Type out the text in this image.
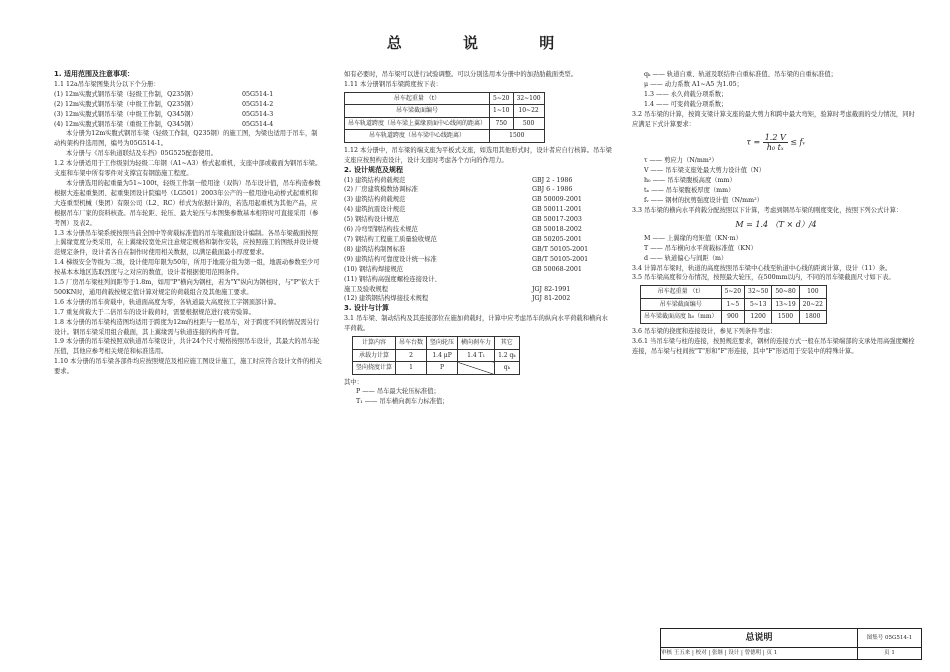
总 说 明

1. 适用范围及注意事项：

1.1 12a吊车梁图集共分以下个分册：

(1) 12m实腹式钢吊车梁（轻级工作制，Q235钢）	05G514-1
(2) 12m实腹式钢吊车梁（中级工作制，Q235钢）	05G514-2
(3) 12m实腹式钢吊车梁（中级工作制，Q345钢）	05G514-3
(4) 12m实腹式钢吊车梁（重级工作制，Q345钢）	05G514-4

本分册为12m实腹式钢吊车梁（轻级工作制，Q235钢）的施工图，为梁也适用于吊车，制动构架构件选用图，编号为05G514-1。

本分册与《吊车轨道联结及车挡》05G525配套使用。

1.2 本分册适用于工作级别为轻级二年钢（A1~A3）桥式起重机，支座中部或截面为钢吊车梁。支座和车架中所有零件对支撑宜有钢筋施工程度。

本分册选用的起重量为51~100t，轻级工作制一般用途（双钩）吊车设计值，吊车构造参数根据大连起重集团、起重集团设计院编号（LG501）2003年公产的一般用途电动桥式起重机和大连重型机械（集团）有限公司（L2、RC）样式为依据计算的，若选用起重机为其他产品，应根据吊车厂家的资料核查。吊车轮距、轮压、最大轮压与本图集参数基本相符时可直接采用（参考图）及表2。

1.3 本分册吊车梁系统按照当前全国中等荷载标准值的吊车梁截面设计编制。各吊车梁截面按照上翼缘宽度分类采用，在上翼缘较宽处应注意规定规格和制作安装，应按照施工的图纸并设计规范规定条件，设计者各自在制作时使用相关数据，以满足截面最小厚度要求。

1.4 梯级安全等级为二级，设计使用年限为50年，所用于地震分组为第一组，地震动参数至少可按基本本地区选取烈度与之对应的数值，设计者根据使用范围条件。

1.5 厂房吊车梁柱列间距等于1.8m，如用"P"横向为钢柱，若为"Y"纵向为钢柱时，与"P"依大于500KN时，通用荷载按规定值计算对规定的荷载组合及其他施工要求。

1.6 本分册的吊车荷载中，轨道面高度为零，各轨道最大高度按工字钢顶部计算。

1.7 重复荷载大于二倍吊车的设计载荷时，需要根据规范进行疲劳验算。

1.8 本分册的吊车梁构造图均适用于跨度为12m的柱距与一般吊车，对于跨度不同的情况需另行设计。钢吊车梁采用组合截面，其上翼缘需与轨道连接的构件可靠。

1.9 本分册的吊车梁按照双轨道吊车梁设计，共计24个尺寸规格按照吊车设计，其最大的吊车轮压值，其他应参考相关规范和标准选用。

1.10 本分册的吊车梁各部件均应按照规范及相应施工图设计施工，施工时应符合设计文件的相关要求。

如有必要时，吊车梁可以进行试验调整。可以分别选用本分册中的加劲肋截面类型。

1.11 本分册钢吊车梁跨度按下表：

吊车起重量 （t）	5~20	32~100
吊车梁截面编号	1~10	10~22
吊车轨道跨度（吊车梁上翼缘顶面中心线间的距离）	750	500
吊车轨道跨度（吊车梁中心线距离）	1500	

1.12 本分册中，吊车梁的端支座为平板式支座，如选用其他形式时，设计者应自行核算。吊车梁支座应按照构造设计，设计支座时考虑各个方向的作用力。

2. 设计规范及规程

(1) 建筑结构荷载规范	GBJ 2 - 1986
(2) 厂房建筑模数协调标准	GBJ 6 - 1986
(3) 建筑结构荷载规范	GB 50009-2001
(4) 建筑抗震设计规范	GB 50011-2001
(5) 钢结构设计规范	GB 50017-2003
(6) 冷弯型钢结构技术规范	GB 50018-2002
(7) 钢结构工程施工质量验收规范	GB 50205-2001
(8) 建筑结构制图标准	GB/T 50105-2001
(9) 建筑结构可靠度设计统一标准	GB/T 50105-2001
(10) 钢结构焊接规范	GB 50068-2001
(11) 钢结构高强度螺栓连接设计、
施工及验收规程	JGJ 82-1991
(12) 建筑钢结构焊接技术规程	JGJ 81-2002

3. 设计与计算

3.1 吊车梁、制动结构及其连接部位在施加荷载时，计算中应考虑吊车的纵向水平荷载和横向水平荷载。

计算内容	吊车台数	竖向轮压	横向刹车力	其它
承载力计算	2	1.4 μP	1.4 T₁	1.2 qₖ
竖向挠度计算	1	P		qₖ

其中：

P —— 吊车最大轮压标准值；

T₁ —— 吊车横向刹车力标准值；

qₖ —— 轨道自重、轨道及联结件自重标准值、吊车梁的自重标准值；

μ —— 动力系数 A1~A5 为1.05；

1.3 —— 永久荷载分项系数；

1.4 —— 可变荷载分项系数；

3.2 吊车梁的计算，按简支梁计算支座的最大剪力和跨中最大弯矩，验算时考虑截面的受力情况，同时应满足下式计算要求：

$\tau = \frac{1.2 V}{\text{h₀ tₓ}}$ ≤ fᵥ

τ —— 剪应力（N/mm²）

V —— 吊车梁支座处最大剪力设计值（N）

h₀ —— 吊车梁腹板高度（mm）

tₓ —— 吊车梁腹板厚度（mm）

fᵥ —— 钢材的抗剪强度设计值（N/mm²）

3.3 吊车梁的横向水平荷载分配按照以下计算，考虑到钢吊车梁的刚度变化，按照下列公式计算：

M = 1.4 （T × d）/4

M —— 上翼缘的弯矩值（KN·m）

T —— 吊车横向水平荷载标准值（KN）

d —— 轨道偏心与间距（m）

3.4 计算吊车梁时，轨道的高度按照吊车梁中心线至轨道中心线的距离计算，设计（11）条。

3.5 吊车梁高度和分布情况，按照最大轮压，在500mm以内，不同的吊车梁截面尺寸如下表。

吊车起重量 （t）	5~20	32~50	50~80	100
吊车梁截面编号	1~5	5~13	13~19	20~22
吊车梁截面高度 h₀（mm）	900	1200	1500	1800

3.6 吊车梁的挠度和连接设计，参见下列条件考虑：

3.6.1 当吊车梁与柱的连接，按照规范要求，钢材的连接方式一般在吊车梁端部的支承处用高强度螺栓连接，吊车梁与柱间按"T"形和"F"形连接，其中"F"形适用于安装中的特殊计算。

总说明
审核 王五来 | 校对 | 张继 | 设计 | 曾德明 | 页 1
图集号 05G514-1
页 1
